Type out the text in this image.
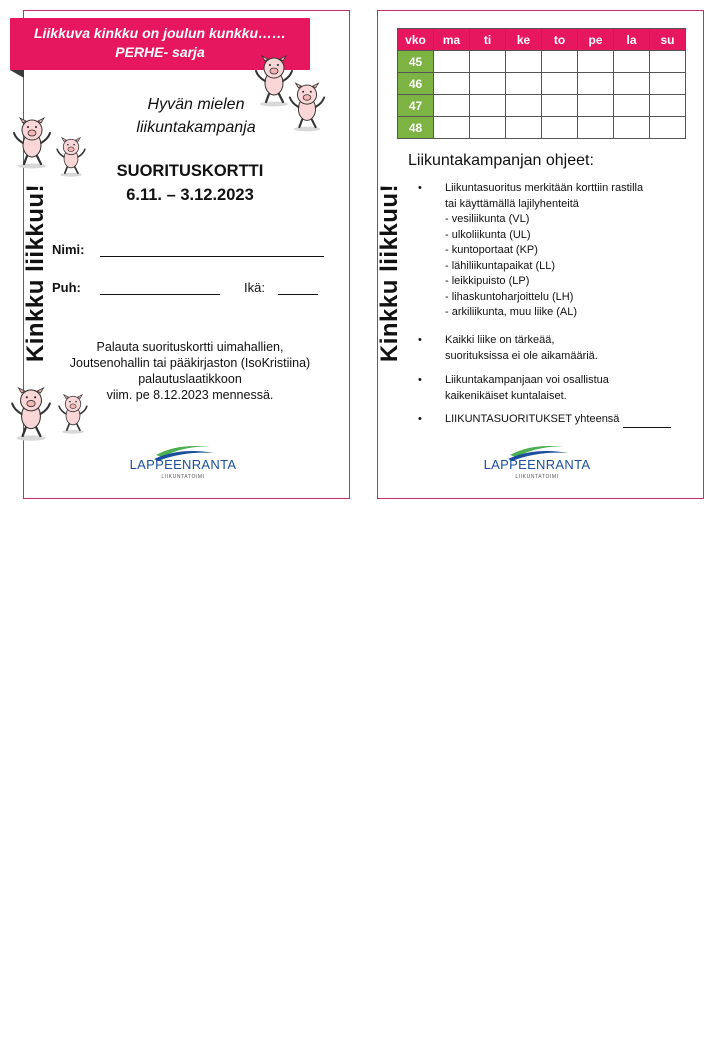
Liikkuva kinkku on joulun kunkku……
PERHE- sarja
Kinkku liikkuu!
Hyvän mielen
liikuntakampanja
SUORITUSKORTTI
6.11. – 3.12.2023
Nimi:
Puh:	Ikä:
Palauta suorituskortti uimahallien,
Joutsenohallin tai pääkirjaston (IsoKristiina)
palautuslaatikkoon
viim. pe 8.12.2023 mennessä.
LAPPEENRANTA
LIIKUNTATOIMI
Kinkku liikkuu!
vko	ma	ti	ke	to	pe	la	su
45							
46							
47							
48							
Liikuntakampanjan ohjeet:
• Liikuntasuoritus merkitään korttiin rastilla
tai käyttämällä lajilyhenteitä
- vesiliikunta (VL)
- ulkoliikunta (UL)
- kuntoportaat (KP)
- lähiliikuntapaikat (LL)
- leikkipuisto (LP)
- lihaskuntoharjoittelu (LH)
- arkiliikunta, muu liike (AL)
• Kaikki liike on tärkeää,
suorituksissa ei ole aikamääriä.
• Liikuntakampanjaan voi osallistua
kaikenikäiset kuntalaiset.
• LIIKUNTASUORITUKSET yhteensä
LAPPEENRANTA
LIIKUNTATOIMI
